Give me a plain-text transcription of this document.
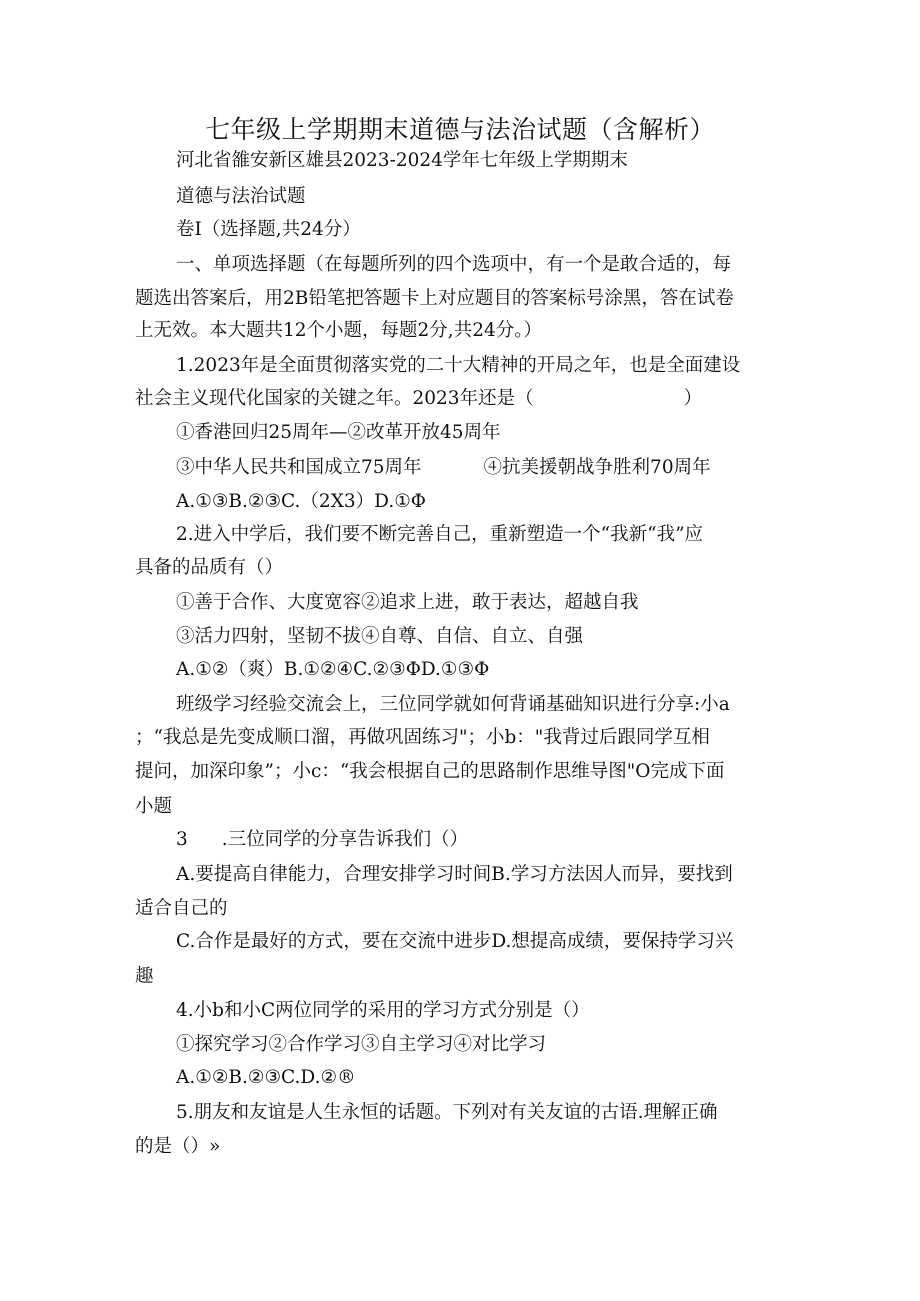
七年级上学期期末道德与法治试题（含解析）
河北省雒安新区雄县2023-2024学年七年级上学期期末
道德与法治试题
卷I（选择题,共24分）
一、单项选择题（在每题所列的四个选项中，有一个是敢合适的，每
题选出答案后，用2B铅笔把答题卡上对应题目的答案标号涂黑，答在试卷
上无效。本大题共12个小题，每题2分,共24分。）
1.2023年是全面贯彻落实党的二十大精神的开局之年，也是全面建设
社会主义现代化国家的关键之年。2023年还是（	）
①香港回归25周年—②改革开放45周年
③中华人民共和国成立75周年	④抗美援朝战争胜利70周年
A.①③B.②③C.（2X3）D.①Φ
2.进入中学后，我们要不断完善自己，重新塑造一个“我新“我”应
具备的品质有（）
①善于合作、大度宽容②追求上进，敢于表达，超越自我
③活力四射，坚韧不拔④自尊、自信、自立、自强
A.①②（爽）B.①②④C.②③ΦD.①③Φ
班级学习经验交流会上，三位同学就如何背诵基础知识进行分享:小a
；“我总是先变成顺口溜，再做巩固练习"；小b："我背过后跟同学互相
提问，加深印象”；小c：“我会根据自己的思路制作思维导图"O完成下面
小题
3 .三位同学的分享告诉我们（）
A.要提高自律能力，合理安排学习时间B.学习方法因人而异，要找到
适合自己的
C.合作是最好的方式，要在交流中进步D.想提高成绩，要保持学习兴
趣
4.小b和小C两位同学的采用的学习方式分别是（）
①探究学习②合作学习③自主学习④对比学习
A.①②B.②③C.D.②®
5.朋友和友谊是人生永恒的话题。下列对有关友谊的古语.理解正确
的是（）»
